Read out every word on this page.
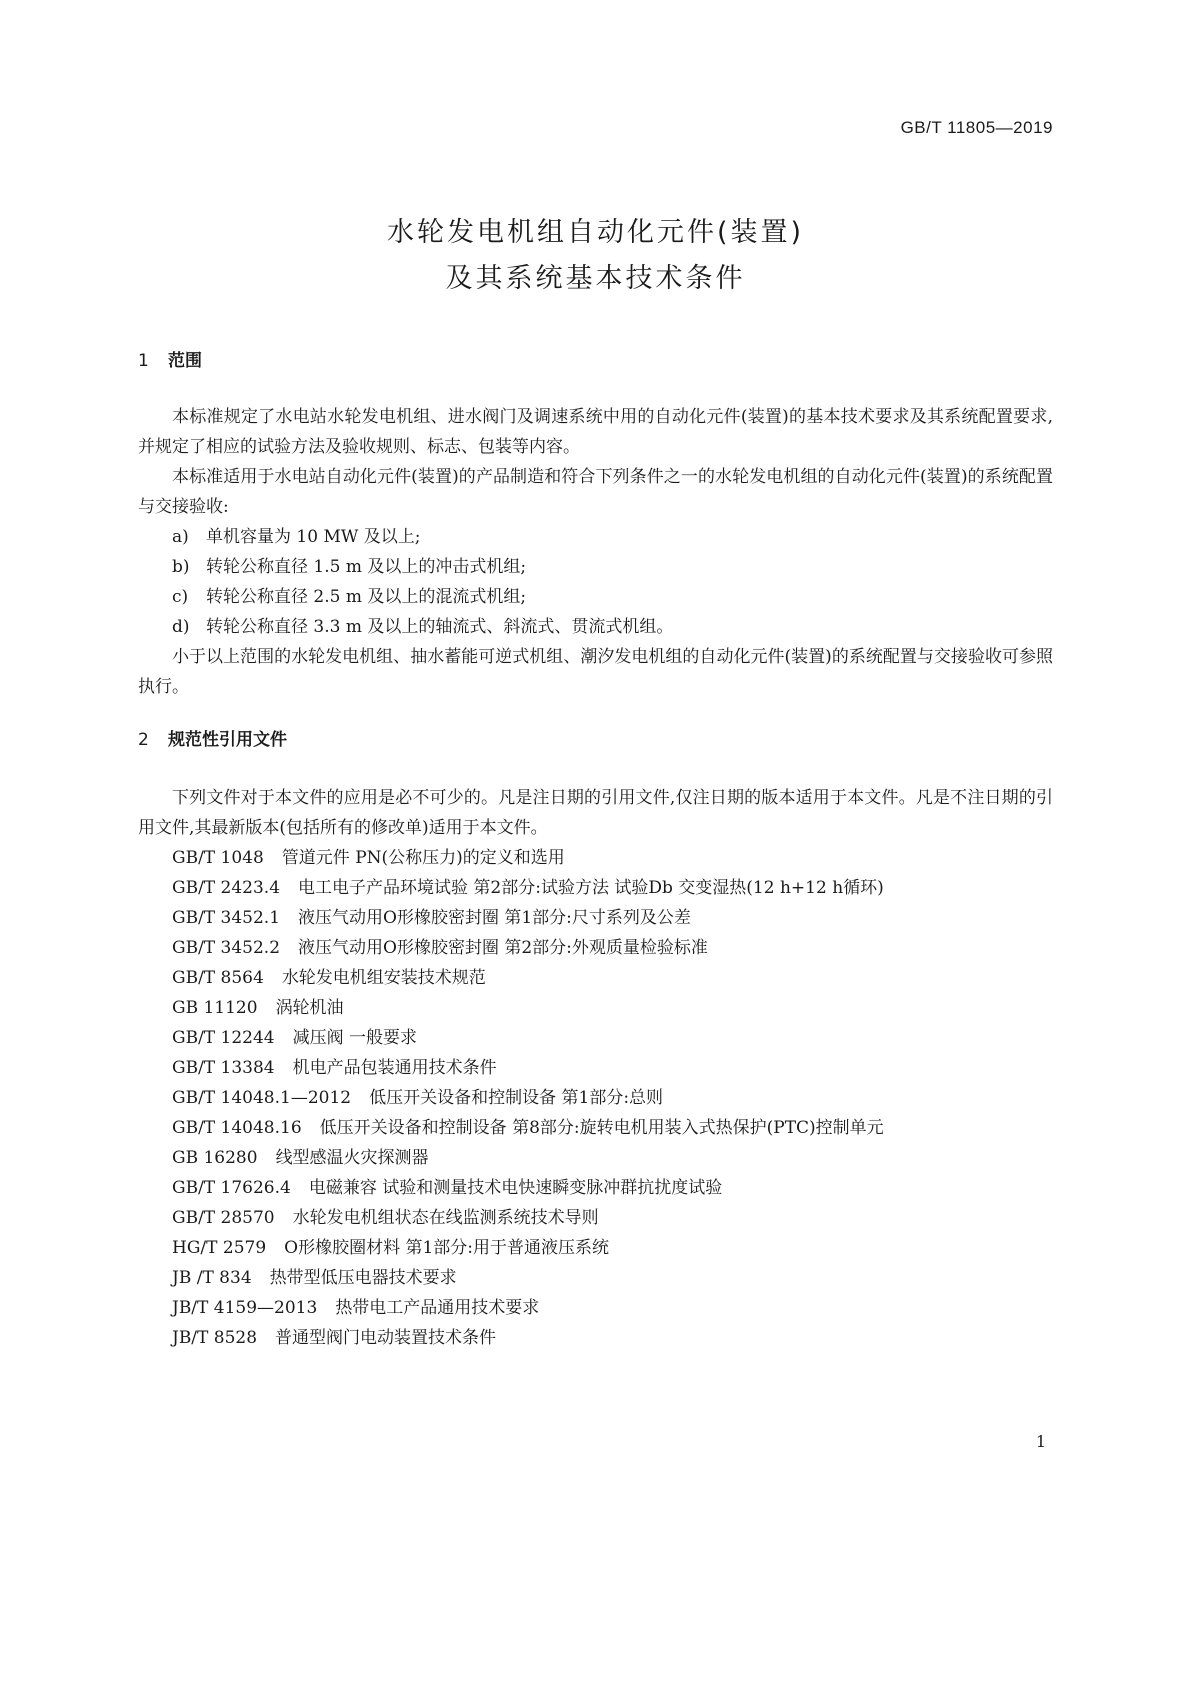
GB/T 11805—2019
水轮发电机组自动化元件(装置)
及其系统基本技术条件
1 范围

本标准规定了水电站水轮发电机组、进水阀门及调速系统中用的自动化元件(装置)的基本技术要求及其系统配置要求,并规定了相应的试验方法及验收规则、标志、包装等内容。

本标准适用于水电站自动化元件(装置)的产品制造和符合下列条件之一的水轮发电机组的自动化元件(装置)的系统配置与交接验收:

a) 单机容量为 10 MW 及以上;

b) 转轮公称直径 1.5 m 及以上的冲击式机组;

c) 转轮公称直径 2.5 m 及以上的混流式机组;

d) 转轮公称直径 3.3 m 及以上的轴流式、斜流式、贯流式机组。

小于以上范围的水轮发电机组、抽水蓄能可逆式机组、潮汐发电机组的自动化元件(装置)的系统配置与交接验收可参照执行。

2 规范性引用文件

下列文件对于本文件的应用是必不可少的。凡是注日期的引用文件,仅注日期的版本适用于本文件。凡是不注日期的引用文件,其最新版本(包括所有的修改单)适用于本文件。

GB/T 1048 管道元件 PN(公称压力)的定义和选用

GB/T 2423.4 电工电子产品环境试验 第2部分:试验方法 试验Db 交变湿热(12 h+12 h循环)

GB/T 3452.1 液压气动用O形橡胶密封圈 第1部分:尺寸系列及公差

GB/T 3452.2 液压气动用O形橡胶密封圈 第2部分:外观质量检验标准

GB/T 8564 水轮发电机组安装技术规范

GB 11120 涡轮机油

GB/T 12244 减压阀 一般要求

GB/T 13384 机电产品包装通用技术条件

GB/T 14048.1—2012 低压开关设备和控制设备 第1部分:总则

GB/T 14048.16 低压开关设备和控制设备 第8部分:旋转电机用装入式热保护(PTC)控制单元

GB 16280 线型感温火灾探测器

GB/T 17626.4 电磁兼容 试验和测量技术电快速瞬变脉冲群抗扰度试验

GB/T 28570 水轮发电机组状态在线监测系统技术导则

HG/T 2579 O形橡胶圈材料 第1部分:用于普通液压系统

JB /T 834 热带型低压电器技术要求

JB/T 4159—2013 热带电工产品通用技术要求

JB/T 8528 普通型阀门电动装置技术条件

1
